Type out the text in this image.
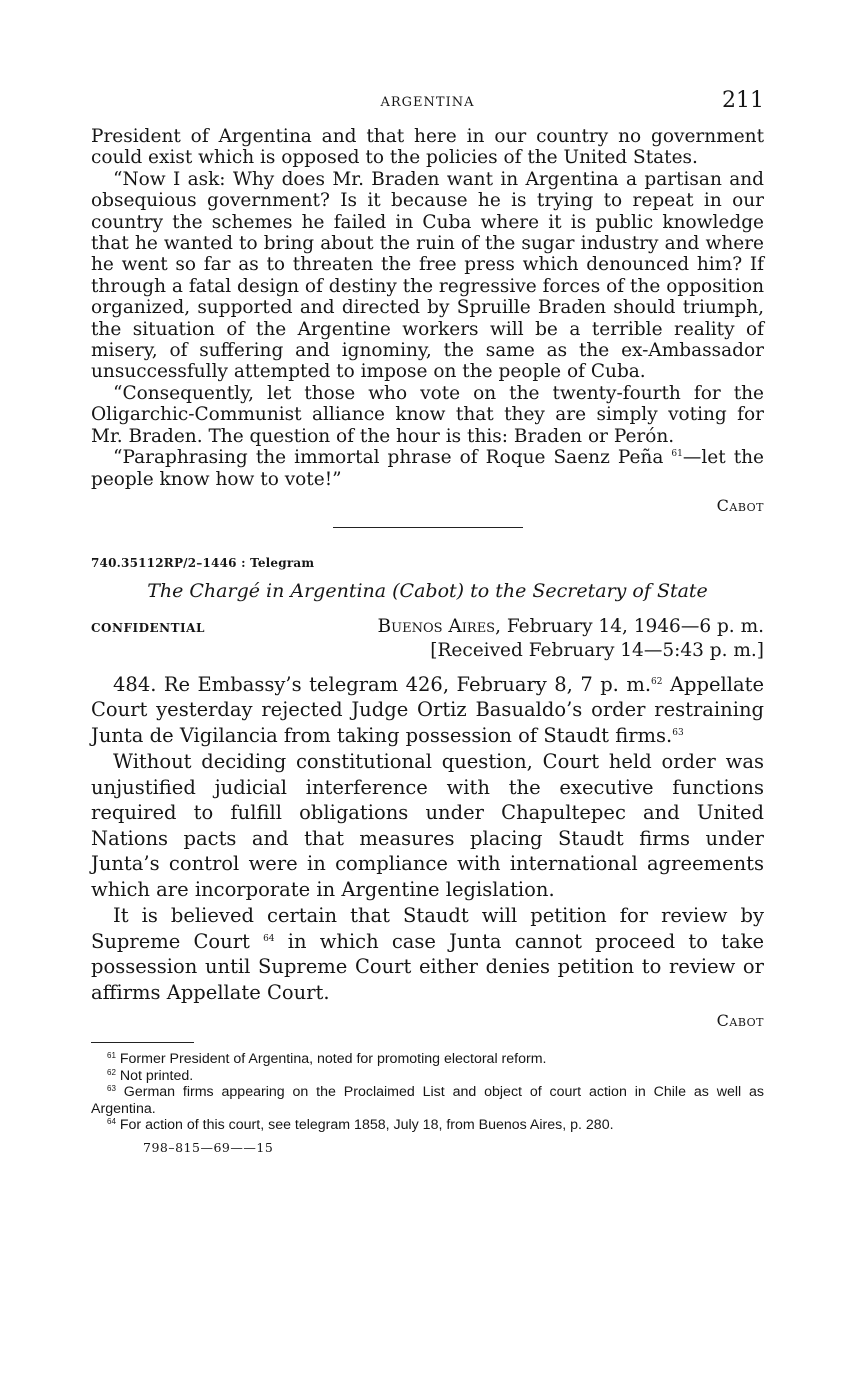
ARGENTINA	211

President of Argentina and that here in our country no government could exist which is opposed to the policies of the United States.

“Now I ask: Why does Mr. Braden want in Argentina a partisan and obsequious government? Is it because he is trying to repeat in our country the schemes he failed in Cuba where it is public knowledge that he wanted to bring about the ruin of the sugar industry and where he went so far as to threaten the free press which denounced him? If through a fatal design of destiny the regressive forces of the opposition organized, supported and directed by Spruille Braden should triumph, the situation of the Argentine workers will be a terrible reality of misery, of suffering and ignominy, the same as the ex-Ambassador unsuccessfully attempted to impose on the people of Cuba.

“Consequently, let those who vote on the twenty-fourth for the Oligarchic-Communist alliance know that they are simply voting for Mr. Braden. The question of the hour is this: Braden or Perón.

“Paraphrasing the immortal phrase of Roque Saenz Peña $^{61}$—let the people know how to vote!”

Cabot
740.35112RP/2–1446 : Telegram
The Chargé in Argentina (Cabot) to the Secretary of State
CONFIDENTIAL	Buenos Aires, February 14, 1946—6 p. m.
[Received February 14—5:43 p. m.]

484. Re Embassy’s telegram 426, February 8, 7 p. m.$^{62}$ Appellate Court yesterday rejected Judge Ortiz Basualdo’s order restraining Junta de Vigilancia from taking possession of Staudt firms.$^{63}$

Without deciding constitutional question, Court held order was unjustified judicial interference with the executive functions required to fulfill obligations under Chapultepec and United Nations pacts and that measures placing Staudt firms under Junta’s control were in compliance with international agreements which are incorporate in Argentine legislation.

It is believed certain that Staudt will petition for review by Supreme Court $^{64}$ in which case Junta cannot proceed to take possession until Supreme Court either denies petition to review or affirms Appellate Court.

Cabot

$^{61}$ Former President of Argentina, noted for promoting electoral reform.

$^{62}$ Not printed.

$^{63}$ German firms appearing on the Proclaimed List and object of court action in Chile as well as Argentina.

$^{64}$ For action of this court, see telegram 1858, July 18, from Buenos Aires, p. 280.

798–815—69——15
